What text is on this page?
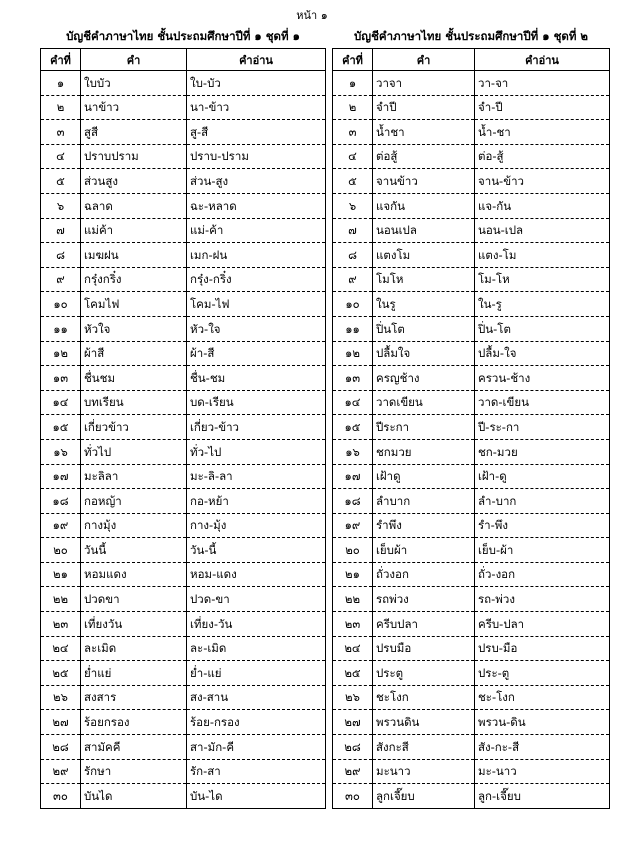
หน้า ๑
บัญชีคำภาษาไทย ชั้นประถมศึกษาปีที่ ๑ ชุดที่ ๑	บัญชีคำภาษาไทย ชั้นประถมศึกษาปีที่ ๑ ชุดที่ ๒
คำที่	คำ	คำอ่าน
๑	ใบบัว	ใบ-บัว
๒	นาข้าว	นา-ข้าว
๓	สูสี	สู-สี
๔	ปราบปราม	ปราบ-ปราม
๕	ส่วนสูง	ส่วน-สูง
๖	ฉลาด	ฉะ-หลาด
๗	แม่ค้า	แม่-ค้า
๘	เมฆฝน	เมก-ฝน
๙	กรุ๋งกริ๋ง	กรุ๋ง-กริ๋ง
๑๐	โคมไฟ	โคม-ไฟ
๑๑	หัวใจ	หัว-ใจ
๑๒	ผ้าสี	ผ้า-สี
๑๓	ชื่นชม	ชื่น-ชม
๑๔	บทเรียน	บด-เรียน
๑๕	เกี่ยวข้าว	เกี่ยว-ข้าว
๑๖	ทั่วไป	ทั่ว-ไป
๑๗	มะลิลา	มะ-ลิ-ลา
๑๘	กอหญ้า	กอ-หย้า
๑๙	กางมุ้ง	กาง-มุ้ง
๒๐	วันนี้	วัน-นี้
๒๑	หอมแดง	หอม-แดง
๒๒	ปวดขา	ปวด-ขา
๒๓	เที่ยงวัน	เที่ยง-วัน
๒๔	ละเมิด	ละ-เมิด
๒๕	ย่ำแย่	ย่ำ-แย่
๒๖	สงสาร	สง-สาน
๒๗	ร้อยกรอง	ร้อย-กรอง
๒๘	สามัคคี	สา-มัก-คี
๒๙	รักษา	รัก-สา
๓๐	บันได	บัน-ได
คำที่	คำ	คำอ่าน
๑	วาจา	วา-จา
๒	จำปี	จำ-ปี
๓	น้ำชา	น้ำ-ชา
๔	ต่อสู้	ต่อ-สู้
๕	จานข้าว	จาน-ข้าว
๖	แจกัน	แจ-กัน
๗	นอนเปล	นอน-เปล
๘	แตงโม	แตง-โม
๙	โมโห	โม-โห
๑๐	ในรู	ใน-รู
๑๑	ปิ่นโต	ปิ่น-โต
๑๒	ปลื้มใจ	ปลื้ม-ใจ
๑๓	ครญช้าง	ครวน-ช้าง
๑๔	วาดเขียน	วาด-เขียน
๑๕	ปีระกา	ปี-ระ-กา
๑๖	ชกมวย	ชก-มวย
๑๗	เฝ้าดู	เฝ้า-ดู
๑๘	ลำบาก	ลำ-บาก
๑๙	รำพึง	รำ-พึง
๒๐	เย็บผ้า	เย็บ-ผ้า
๒๑	ถั่วงอก	ถั่ว-งอก
๒๒	รถพ่วง	รถ-พ่วง
๒๓	ครีบปลา	ครีบ-ปลา
๒๔	ปรบมือ	ปรบ-มือ
๒๕	ประตู	ประ-ตู
๒๖	ชะโงก	ชะ-โงก
๒๗	พรวนดิน	พรวน-ดิน
๒๘	สังกะสี	สัง-กะ-สี
๒๙	มะนาว	มะ-นาว
๓๐	ลูกเจี๊ยบ	ลูก-เจี๊ยบ
